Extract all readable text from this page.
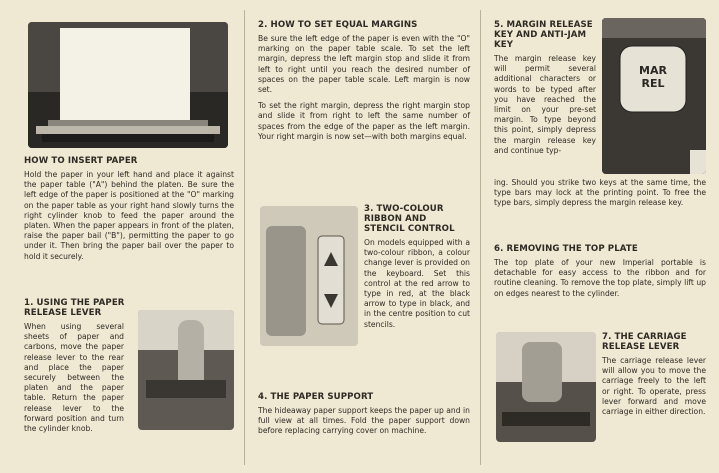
HOW TO INSERT PAPER

Hold the paper in your left hand and place it against the paper table ("A") behind the platen. Be sure the left edge of the paper is positioned at the "O" marking on the paper table as your right hand slowly turns the right cylinder knob to feed the paper around the platen. When the paper appears in front of the platen, raise the paper bail ("B"), permitting the paper to go under it. Then bring the paper bail over the paper to hold it securely.

1. USING THE PAPER RELEASE LEVER

When using several sheets of paper and carbons, move the paper release lever to the rear and place the paper securely between the platen and the paper table. Return the paper release lever to the forward position and turn the cylinder knob.

2. HOW TO SET EQUAL MARGINS

Be sure the left edge of the paper is even with the "O" marking on the paper table scale. To set the left margin, depress the left margin stop and slide it from left to right until you reach the desired number of spaces on the paper table scale. Left margin is now set.

To set the right margin, depress the right margin stop and slide it from right to left the same number of spaces from the edge of the paper as the left margin. Your right margin is now set—with both margins equal.

3. TWO-COLOUR RIBBON AND STENCIL CONTROL

On models equipped with a two-colour ribbon, a colour change lever is provided on the keyboard. Set this control at the red arrow to type in red, at the black arrow to type in black, and in the centre position to cut stencils.

4. THE PAPER SUPPORT

The hideaway paper support keeps the paper up and in full view at all times. Fold the paper support down before replacing carrying cover on machine.

MAR
REL
5. MARGIN RELEASE KEY AND ANTI-JAM KEY

The margin release key will permit several additional characters or words to be typed after you have reached the limit on your pre-set margin. To type beyond this point, simply depress the margin release key and continue typ-

ing. Should you strike two keys at the same time, the type bars may lock at the printing point. To free the type bars, simply depress the margin release key.

6. REMOVING THE TOP PLATE

The top plate of your new Imperial portable is detachable for easy access to the ribbon and for routine cleaning. To remove the top plate, simply lift up on edges nearest to the cylinder.

7. THE CARRIAGE RELEASE LEVER

The carriage release lever will allow you to move the carriage freely to the left or right. To operate, press lever forward and move carriage in either direction.
